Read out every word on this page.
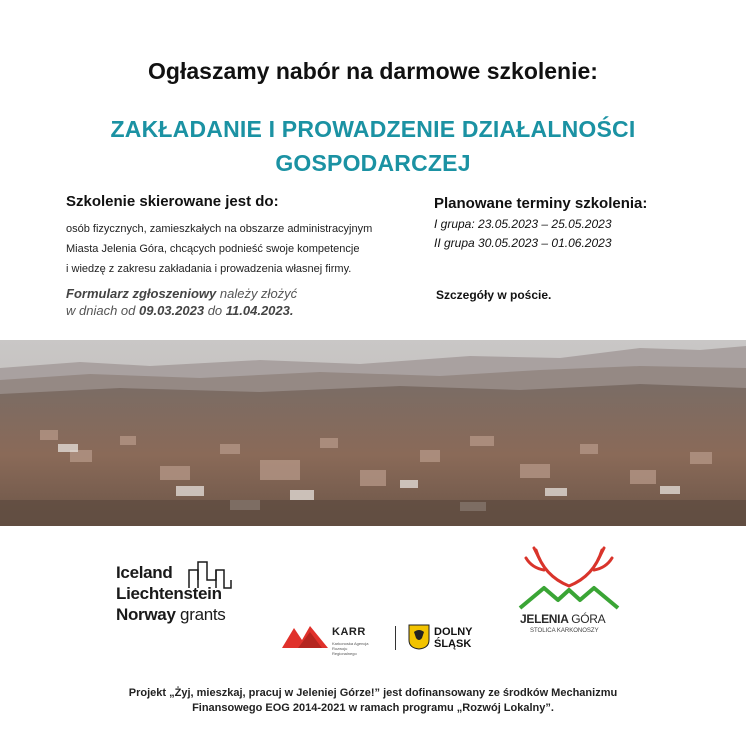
Ogłaszamy nabór na darmowe szkolenie:
ZAKŁADANIE I PROWADZENIE DZIAŁALNOŚCI
GOSPODARCZEJ
Szkolenie skierowane jest do:
osób fizycznych, zamieszkałych na obszarze administracyjnym
Miasta Jelenia Góra, chcących podnieść swoje kompetencje
i wiedzę z zakresu zakładania i prowadzenia własnej firmy.
Planowane terminy szkolenia:
I grupa: 23.05.2023 – 25.05.2023
II grupa 30.05.2023 – 01.06.2023
Formularz zgłoszeniowy należy złożyć
w dniach od 09.03.2023 do 11.04.2023.
Szczegóły w poście.
Iceland
Liechtenstein
Norway grants
KARR
Karkonoska Agencja Rozwoju Regionalnego
DOLNY
ŚLĄSK
JELENIA GÓRA
STOLICA KARKONOSZY
Projekt „Żyj, mieszkaj, pracuj w Jeleniej Górze!” jest dofinansowany ze środków Mechanizmu
Finansowego EOG 2014-2021 w ramach programu „Rozwój Lokalny”.
